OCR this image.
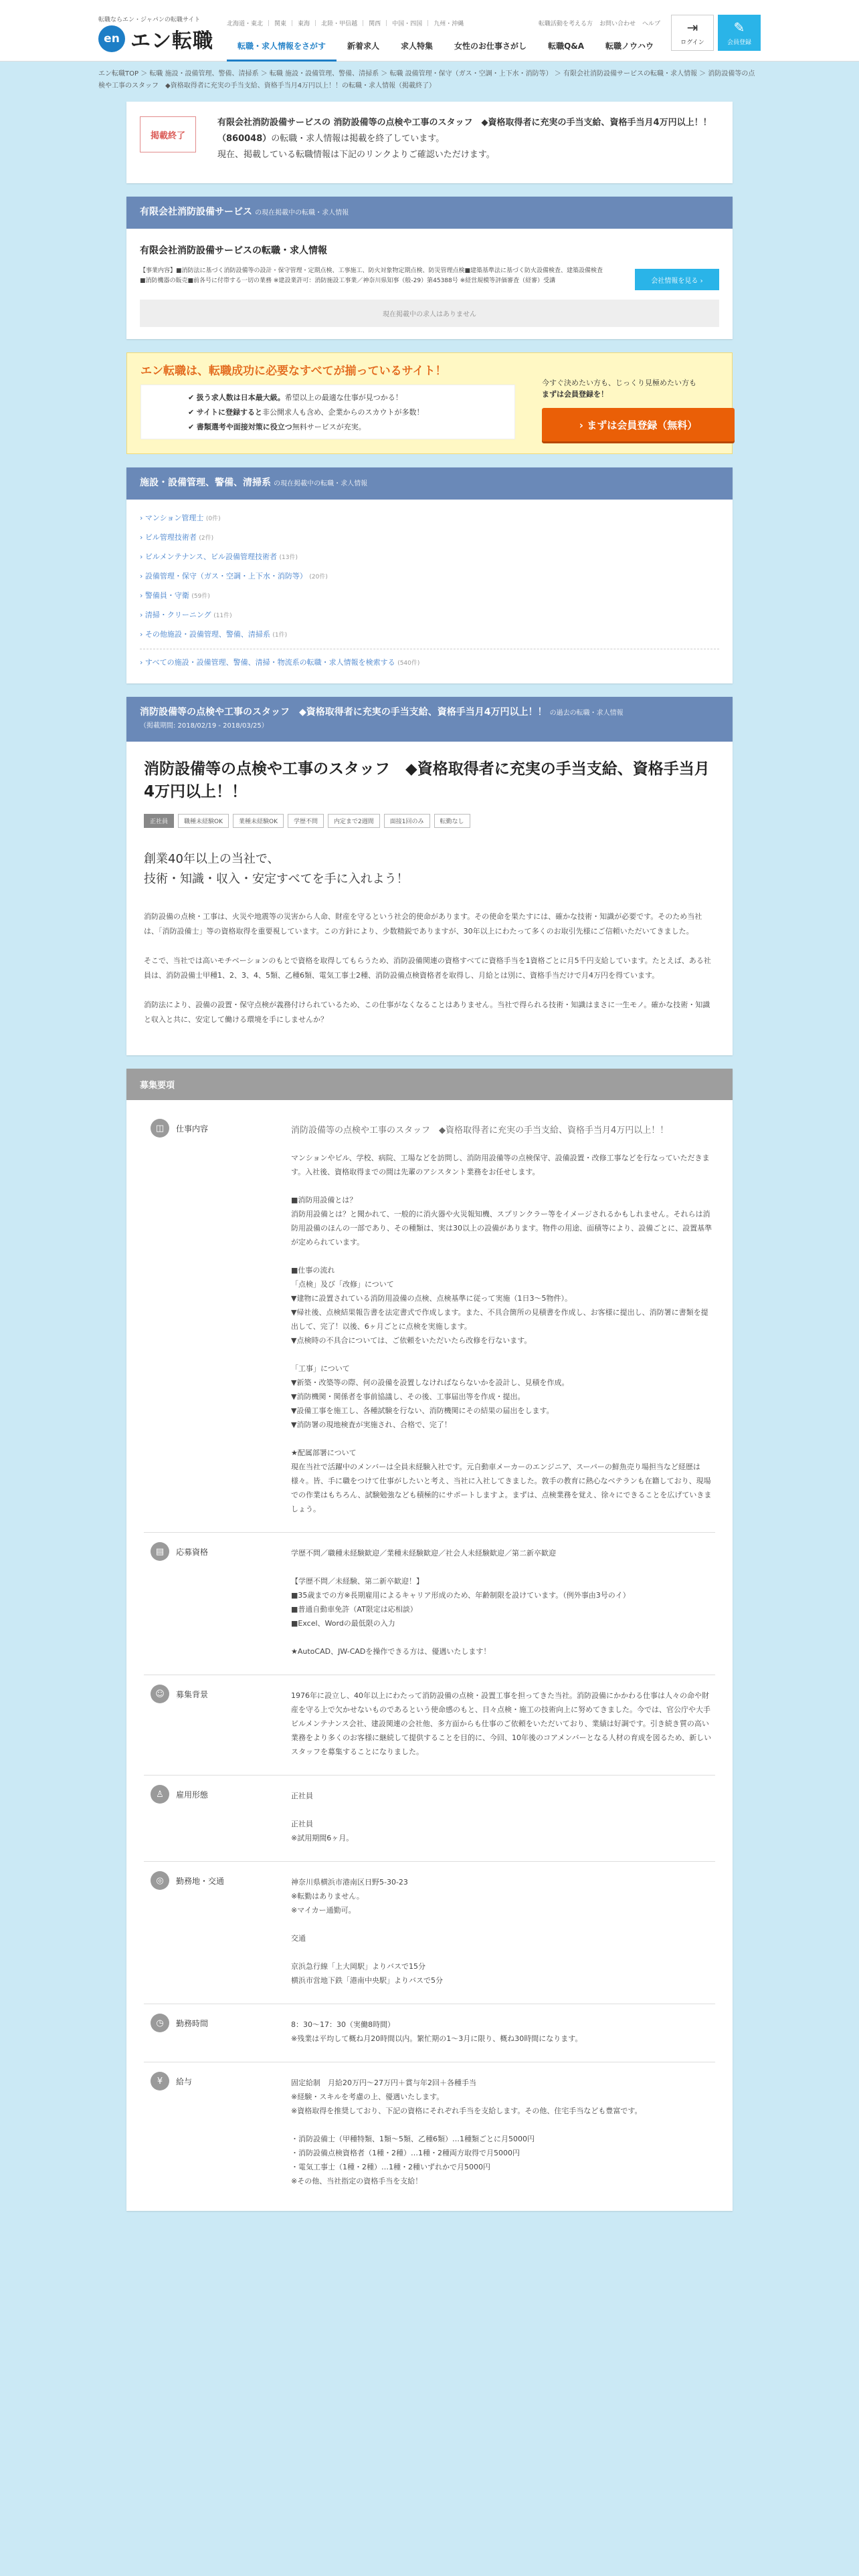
転職ならエン・ジャパンの転職サイト
en エン転職
北海道・東北 ｜ 関東 ｜ 東海 ｜ 北陸・甲信越 ｜ 関西 ｜ 中国・四国 ｜ 九州・沖縄	転職活動を考える方 お問い合わせ ヘルプ
転職・求人情報をさがす	新着求人	求人特集	女性のお仕事さがし	転職Q&A	転職ノウハウ
⇥
ログイン
✎
会員登録
エン転職TOP ＞ 転職 施設・設備管理、警備、清掃系 ＞ 転職 施設・設備管理、警備、清掃系 ＞ 転職 設備管理・保守（ガス・空調・上下水・消防等） ＞ 有限会社消防設備サービスの転職・求人情報 ＞ 消防設備等の点検や工事のスタッフ　◆資格取得者に充実の手当支給、資格手当月4万円以上！！の転職・求人情報（掲載終了）
掲載終了
有限会社消防設備サービスの 消防設備等の点検や工事のスタッフ　◆資格取得者に充実の手当支給、資格手当月4万円以上！！（860048）の転職・求人情報は掲載を終了しています。
現在、掲載している転職情報は下記のリンクよりご確認いただけます。
有限会社消防設備サービス の現在掲載中の転職・求人情報
有限会社消防設備サービスの転職・求人情報
【事業内容】■消防法に基づく消防設備等の設計・保守管理・定期点検、工事施工、防火対象物定期点検、防災管理点検■建築基準法に基づく防火設備検査、建築設備検査■消防機器の販売■前各号に付帯する一切の業務 ※建設業許可：消防施設工事業／神奈川県知事（般-29）第45388号 ※経営規模等評価審査（経審）受講	会社情報を見る ›
現在掲載中の求人はありません
エン転職は、転職成功に必要なすべてが揃っているサイト！
✔ 扱う求人数は日本最大級。希望以上の最適な仕事が見つかる！
✔ サイトに登録すると非公開求人も含め、企業からのスカウトが多数！
✔ 書類選考や面接対策に役立つ無料サービスが充実。
今すぐ決めたい方も、じっくり見極めたい方も
まずは会員登録を！
› まずは会員登録（無料）
施設・設備管理、警備、清掃系 の現在掲載中の転職・求人情報
› マンション管理士 (0件)
› ビル管理技術者 (2件)
› ビルメンテナンス、ビル設備管理技術者 (13件)
› 設備管理・保守（ガス・空調・上下水・消防等） (20件)
› 警備員・守衛 (59件)
› 清掃・クリーニング (11件)
› その他施設・設備管理、警備、清掃系 (1件)
› すべての施設・設備管理、警備、清掃・物流系の転職・求人情報を検索する (540件)
消防設備等の点検や工事のスタッフ　◆資格取得者に充実の手当支給、資格手当月4万円以上！！ の過去の転職・求人情報
（掲載期間: 2018/02/19 - 2018/03/25）
消防設備等の点検や工事のスタッフ　◆資格取得者に充実の手当支給、資格手当月4万円以上！！
正社員	職種未経験OK	業種未経験OK	学歴不問	内定まで2週間	面接1回のみ	転勤なし
創業40年以上の当社で、
技術・知識・収入・安定すべてを手に入れよう！

消防設備の点検・工事は、火災や地震等の災害から人命、財産を守るという社会的使命があります。その使命を果たすには、確かな技術・知識が必要です。そのため当社は、「消防設備士」等の資格取得を重要視しています。この方針により、少数精鋭でありますが、30年以上にわたって多くのお取引先様にご信頼いただいてきました。

そこで、当社では高いモチベーションのもとで資格を取得してもらうため、消防設備関連の資格すべてに資格手当を1資格ごとに月5千円支給しています。たとえば、ある社員は、消防設備士甲種1、2、3、4、5類、乙種6類、電気工事士2種、消防設備点検資格者を取得し、月給とは別に、資格手当だけで月4万円を得ています。

消防法により、設備の設置・保守点検が義務付けられているため、この仕事がなくなることはありません。当社で得られる技術・知識はまさに一生モノ。確かな技術・知識と収入と共に、安定して働ける環境を手にしませんか？

募集要項
◫	仕事内容	消防設備等の点検や工事のスタッフ　◆資格取得者に充実の手当支給、資格手当月4万円以上！！
マンションやビル、学校、病院、工場などを訪問し、消防用設備等の点検保守、設備設置・改修工事などを行なっていただきます。入社後、資格取得までの間は先輩のアシスタント業務をお任せします。

■消防用設備とは？
消防用設備とは？と聞かれて、一般的に消火器や火災報知機、スプリンクラー等をイメージされるかもしれません。それらは消防用設備のほんの一部であり、その種類は、実は30以上の設備があります。物件の用途、面積等により、設備ごとに、設置基準が定められています。

■仕事の流れ
「点検」及び「改修」について
▼建物に設置されている消防用設備の点検、点検基準に従って実施（1日3〜5物件）。
▼帰社後、点検結果報告書を法定書式で作成します。また、不具合箇所の見積書を作成し、お客様に提出し、消防署に書類を提出して、完了！以後、6ヶ月ごとに点検を実施します。
▼点検時の不具合については、ご依頼をいただいたら改修を行ないます。

「工事」について
▼新築・改築等の際、何の設備を設置しなければならないかを設計し、見積を作成。
▼消防機関・関係者を事前協議し、その後、工事届出等を作成・提出。
▼設備工事を施工し、各種試験を行ない、消防機関にその結果の届出をします。
▼消防署の現地検査が実施され、合格で、完了！

★配属部署について
現在当社で活躍中のメンバーは全員未経験入社です。元自動車メーカーのエンジニア、スーパーの鮮魚売り場担当など経歴は様々。皆、手に職をつけて仕事がしたいと考え、当社に入社してきました。敦手の教育に熱心なベテランも在籍しており、現場での作業はもちろん、試験勉強なども積極的にサポートしますよ。まずは、点検業務を覚え、徐々にできることを広げていきましょう。
▤	応募資格	学歴不問／職種未経験歓迎／業種未経験歓迎／社会人未経験歓迎／第二新卒歓迎

【学歴不問／未経験、第二新卒歓迎！】
■35歳までの方※長期雇用によるキャリア形成のため、年齢制限を設けています。（例外事由3号のイ）
■普通自動車免許（AT限定は応相談）
■Excel、Wordの最低限の入力

★AutoCAD、JW-CADを操作できる方は、優遇いたします！
☺	募集背景	1976年に設立し、40年以上にわたって消防設備の点検・設置工事を担ってきた当社。消防設備にかかわる仕事は人々の命や財産を守る上で欠かせないものであるという使命感のもと、日々点検・施工の技術向上に努めてきました。今では、官公庁や大手ビルメンテナンス会社、建設関連の会社他、多方面からも仕事のご依頼をいただいており、業績は好調です。引き続き質の高い業務をより多くのお客様に継続して提供することを目的に、今回、10年後のコアメンバーとなる人材の育成を図るため、新しいスタッフを募集することになりました。
♙	雇用形態	正社員

正社員
※試用期間6ヶ月。
◎	勤務地・交通	神奈川県横浜市港南区日野5-30-23
※転勤はありません。
※マイカー通勤可。

交通

京浜急行線「上大岡駅」よりバスで15分
横浜市営地下鉄「港南中央駅」よりバスで5分
◷	勤務時間	8：30〜17：30（実働8時間）
※残業は平均して概ね月20時間以内。繁忙期の1〜3月に限り、概ね30時間になります。
¥	給与	固定給制　月給20万円〜27万円＋賞与年2回＋各種手当
※経験・スキルを考慮の上、優遇いたします。
※資格取得を推奨しており、下記の資格にそれぞれ手当を支給します。その他、住宅手当なども豊富です。

・消防設備士（甲種特類、1類〜5類、乙種6類）…1種類ごとに月5000円
・消防設備点検資格者（1種・2種）…1種・2種両方取得で月5000円
・電気工事士（1種・2種）…1種・2種いずれかで月5000円
※その他、当社指定の資格手当を支給！
